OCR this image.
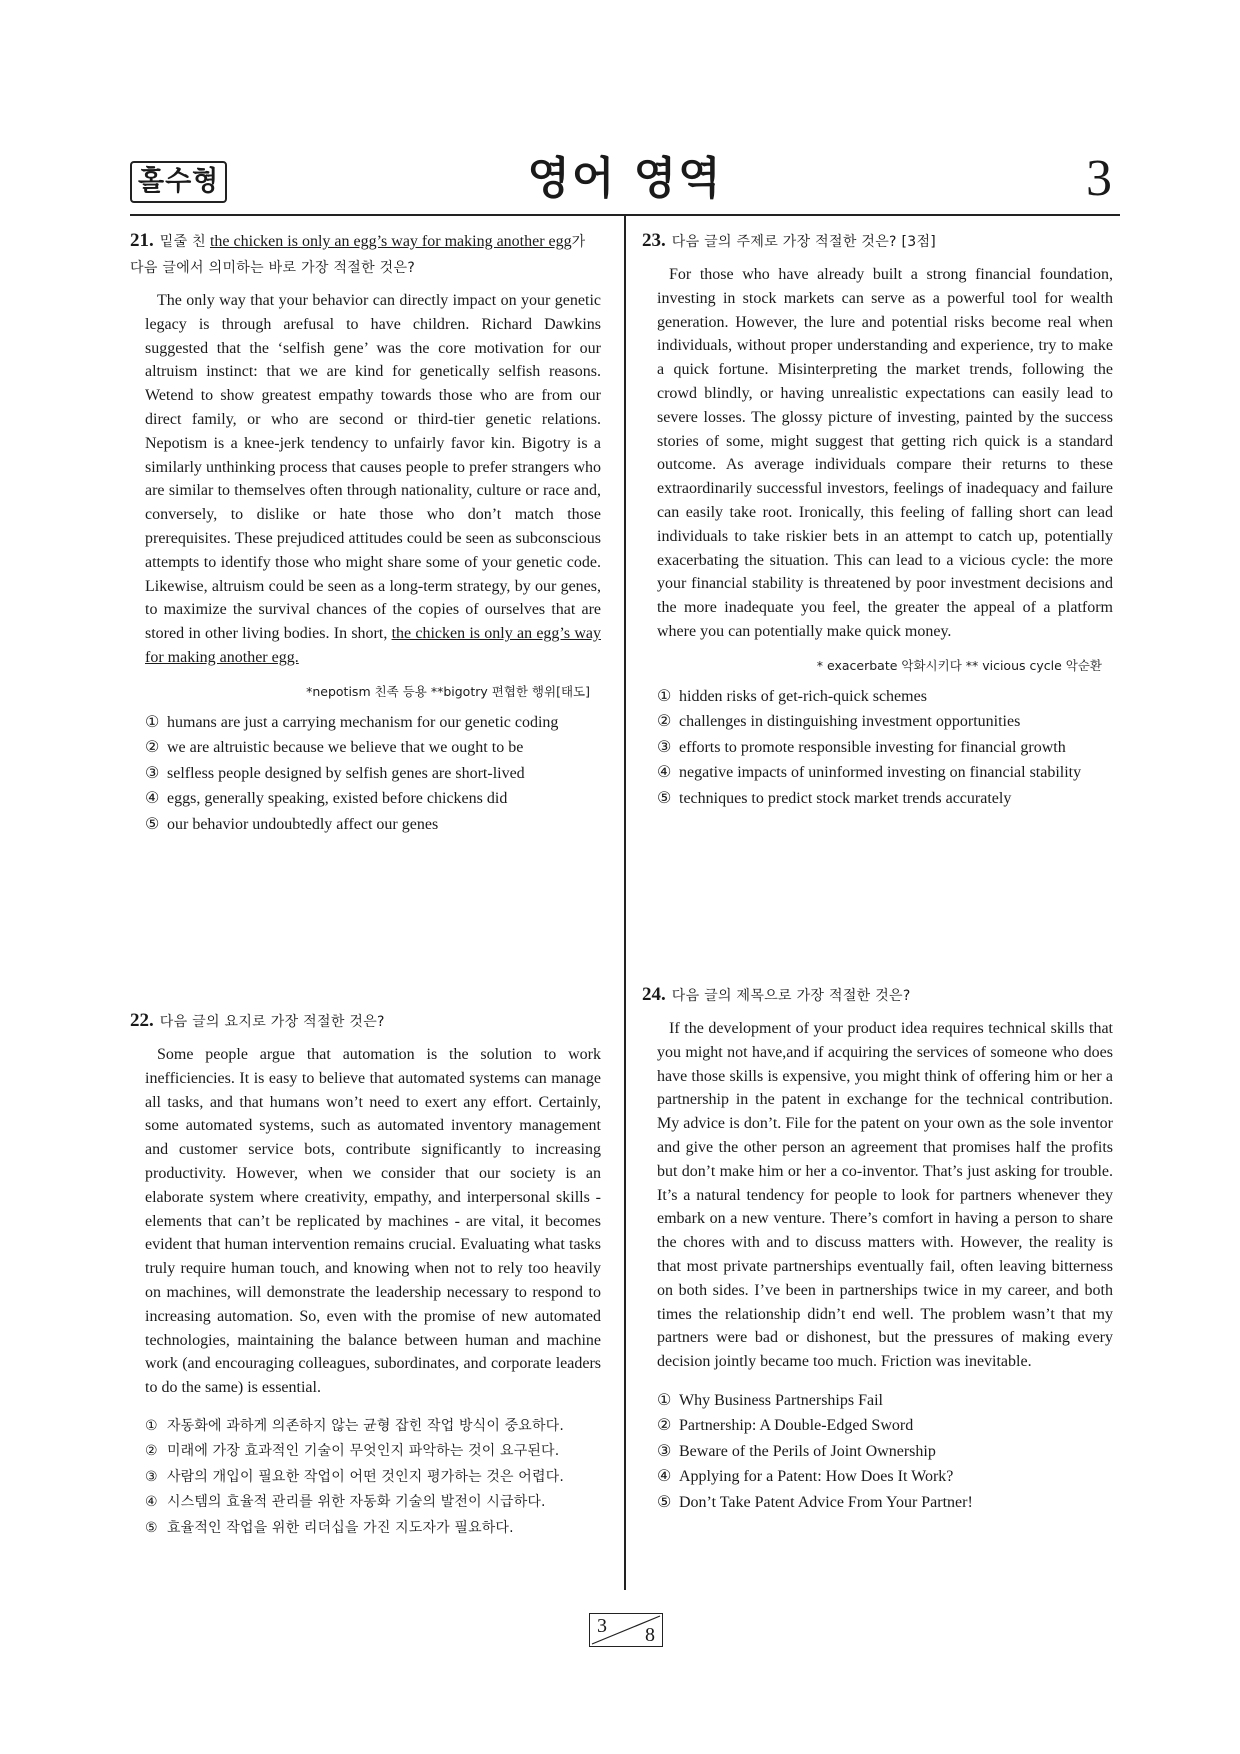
홀수형	영어 영역	3

21. 밑줄 친 the chicken is only an egg’s way for making another egg가 다음 글에서 의미하는 바로 가장 적절한 것은?

The only way that your behavior can directly impact on your genetic legacy is through arefusal to have children. Richard Dawkins suggested that the ‘selfish gene’ was the core motivation for our altruism instinct: that we are kind for genetically selfish reasons. Wetend to show greatest empathy towards those who are from our direct family, or who are second or third-tier genetic relations. Nepotism is a knee-jerk tendency to unfairly favor kin. Bigotry is a similarly unthinking process that causes people to prefer strangers who are similar to themselves often through nationality, culture or race and, conversely, to dislike or hate those who don’t match those prerequisites. These prejudiced attitudes could be seen as subconscious attempts to identify those who might share some of your genetic code. Likewise, altruism could be seen as a long-term strategy, by our genes, to maximize the survival chances of the copies of ourselves that are stored in other living bodies. In short, the chicken is only an egg’s way for making another egg.

*nepotism 친족 등용 **bigotry 편협한 행위[태도]

① humans are just a carrying mechanism for our genetic coding
② we are altruistic because we believe that we ought to be
③ selfless people designed by selfish genes are short-lived
④ eggs, generally speaking, existed before chickens did
⑤ our behavior undoubtedly affect our genes

22. 다음 글의 요지로 가장 적절한 것은?

Some people argue that automation is the solution to work inefficiencies. It is easy to believe that automated systems can manage all tasks, and that humans won’t need to exert any effort. Certainly, some automated systems, such as automated inventory management and customer service bots, contribute significantly to increasing productivity. However, when we consider that our society is an elaborate system where creativity, empathy, and interpersonal skills - elements that can’t be replicated by machines - are vital, it becomes evident that human intervention remains crucial. Evaluating what tasks truly require human touch, and knowing when not to rely too heavily on machines, will demonstrate the leadership necessary to respond to increasing automation. So, even with the promise of new automated technologies, maintaining the balance between human and machine work (and encouraging colleagues, subordinates, and corporate leaders to do the same) is essential.

① 자동화에 과하게 의존하지 않는 균형 잡힌 작업 방식이 중요하다.
② 미래에 가장 효과적인 기술이 무엇인지 파악하는 것이 요구된다.
③ 사람의 개입이 필요한 작업이 어떤 것인지 평가하는 것은 어렵다.
④ 시스템의 효율적 관리를 위한 자동화 기술의 발전이 시급하다.
⑤ 효율적인 작업을 위한 리더십을 가진 지도자가 필요하다.

23. 다음 글의 주제로 가장 적절한 것은? [3점]

For those who have already built a strong financial foundation, investing in stock markets can serve as a powerful tool for wealth generation. However, the lure and potential risks become real when individuals, without proper understanding and experience, try to make a quick fortune. Misinterpreting the market trends, following the crowd blindly, or having unrealistic expectations can easily lead to severe losses. The glossy picture of investing, painted by the success stories of some, might suggest that getting rich quick is a standard outcome. As average individuals compare their returns to these extraordinarily successful investors, feelings of inadequacy and failure can easily take root. Ironically, this feeling of falling short can lead individuals to take riskier bets in an attempt to catch up, potentially exacerbating the situation. This can lead to a vicious cycle: the more your financial stability is threatened by poor investment decisions and the more inadequate you feel, the greater the appeal of a platform where you can potentially make quick money.

* exacerbate 악화시키다 ** vicious cycle 악순환

① hidden risks of get-rich-quick schemes
② challenges in distinguishing investment opportunities
③ efforts to promote responsible investing for financial growth
④ negative impacts of uninformed investing on financial stability
⑤ techniques to predict stock market trends accurately

24. 다음 글의 제목으로 가장 적절한 것은?

If the development of your product idea requires technical skills that you might not have,and if acquiring the services of someone who does have those skills is expensive, you might think of offering him or her a partnership in the patent in exchange for the technical contribution. My advice is don’t. File for the patent on your own as the sole inventor and give the other person an agreement that promises half the profits but don’t make him or her a co-inventor. That’s just asking for trouble. It’s a natural tendency for people to look for partners whenever they embark on a new venture. There’s comfort in having a person to share the chores with and to discuss matters with. However, the reality is that most private partnerships eventually fail, often leaving bitterness on both sides. I’ve been in partnerships twice in my career, and both times the relationship didn’t end well. The problem wasn’t that my partners were bad or dishonest, but the pressures of making every decision jointly became too much. Friction was inevitable.

① Why Business Partnerships Fail
② Partnership: A Double-Edged Sword
③ Beware of the Perils of Joint Ownership
④ Applying for a Patent: How Does It Work?
⑤ Don’t Take Patent Advice From Your Partner!
3 8
